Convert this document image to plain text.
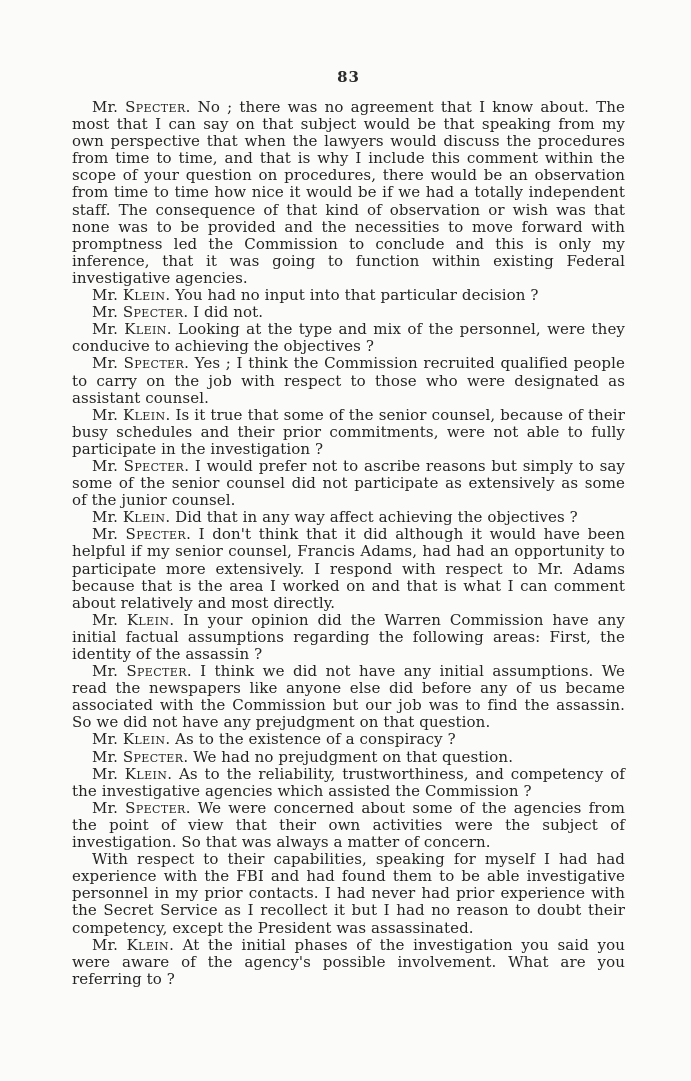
83

Mr. Specter. No ; there was no agreement that I know about. The most that I can say on that subject would be that speaking from my own perspective that when the lawyers would discuss the procedures from time to time, and that is why I include this comment within the scope of your question on procedures, there would be an observation from time to time how nice it would be if we had a totally independent staff. The consequence of that kind of observation or wish was that none was to be provided and the necessities to move forward with promptness led the Commission to conclude and this is only my inference, that it was going to function within existing Federal investigative agencies.

Mr. Klein. You had no input into that particular decision ?

Mr. Specter. I did not.

Mr. Klein. Looking at the type and mix of the personnel, were they conducive to achieving the objectives ?

Mr. Specter. Yes ; I think the Commission recruited qualified people to carry on the job with respect to those who were designated as assistant counsel.

Mr. Klein. Is it true that some of the senior counsel, because of their busy schedules and their prior commitments, were not able to fully participate in the investigation ?

Mr. Specter. I would prefer not to ascribe reasons but simply to say some of the senior counsel did not participate as extensively as some of the junior counsel.

Mr. Klein. Did that in any way affect achieving the objectives ?

Mr. Specter. I don't think that it did although it would have been helpful if my senior counsel, Francis Adams, had had an opportunity to participate more extensively. I respond with respect to Mr. Adams because that is the area I worked on and that is what I can comment about relatively and most directly.

Mr. Klein. In your opinion did the Warren Commission have any initial factual assumptions regarding the following areas: First, the identity of the assassin ?

Mr. Specter. I think we did not have any initial assumptions. We read the newspapers like anyone else did before any of us became associated with the Commission but our job was to find the assassin. So we did not have any prejudgment on that question.

Mr. Klein. As to the existence of a conspiracy ?

Mr. Specter. We had no prejudgment on that question.

Mr. Klein. As to the reliability, trustworthiness, and competency of the investigative agencies which assisted the Commission ?

Mr. Specter. We were concerned about some of the agencies from the point of view that their own activities were the subject of investigation. So that was always a matter of concern.

With respect to their capabilities, speaking for myself I had had experience with the FBI and had found them to be able investigative personnel in my prior contacts. I had never had prior experience with the Secret Service as I recollect it but I had no reason to doubt their competency, except the President was assassinated.

Mr. Klein. At the initial phases of the investigation you said you were aware of the agency's possible involvement. What are you referring to ?
